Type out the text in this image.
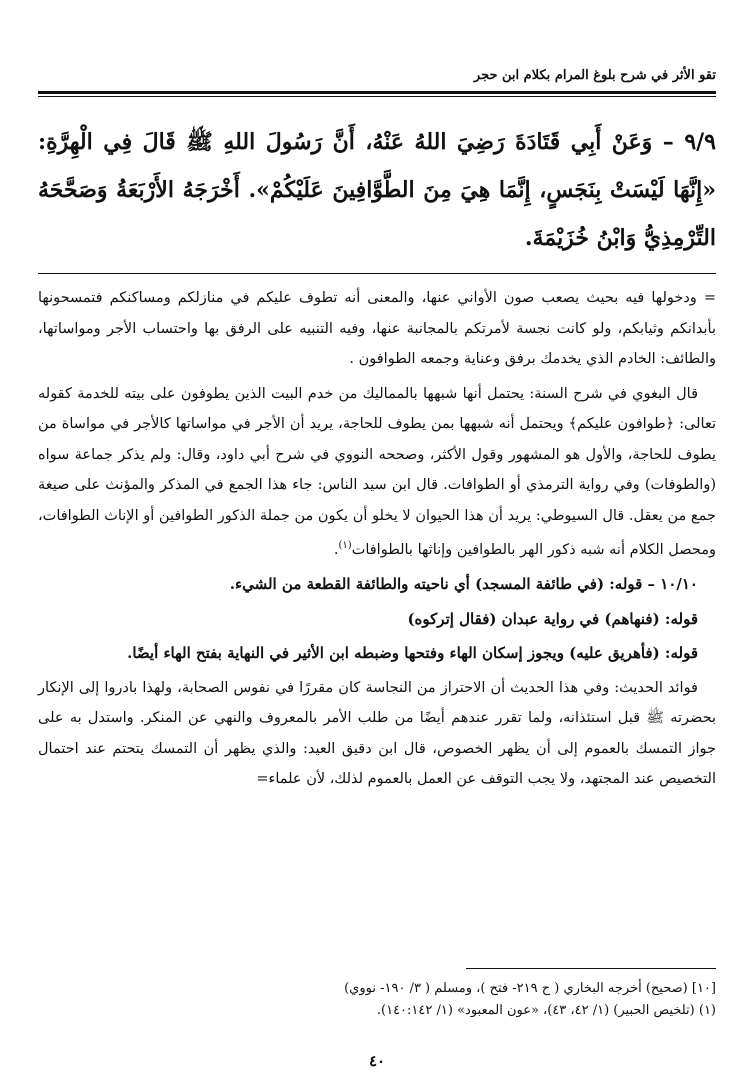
تقو الأثر في شرح بلوغ المرام بكلام ابن حجر
٩/٩ – وَعَنْ أَبِي قَتَادَةَ رَضِيَ اللهُ عَنْهُ، أَنَّ رَسُولَ اللهِ ﷺ قَالَ فِي الْهِرَّةِ: «إِنَّهَا لَيْسَتْ بِنَجَسٍ، إِنَّمَا هِيَ مِنَ الطَّوَّافِينَ عَلَيْكُمْ». أَخْرَجَهُ الأَرْبَعَةُ وَصَحَّحَهُ التِّرْمِذِيُّ وَابْنُ خُزَيْمَةَ.

= ودخولها فيه بحيث يصعب صون الأواني عنها، والمعنى أنه تطوف عليكم في منازلكم ومساكنكم فتمسحونها بأبدانكم وثيابكم، ولو كانت نجسة لأمرتكم بالمجانبة عنها، وفيه التنبيه على الرفق بها واحتساب الأجر ومواساتها، والطائف: الخادم الذي يخدمك برفق وعناية وجمعه الطوافون .

قال البغوي في شرح السنة: يحتمل أنها شبهها بالمماليك من خدم البيت الذين يطوفون على بيته للخدمة كقوله تعالى: ﴿طوافون عليكم﴾ ويحتمل أنه شبهها بمن يطوف للحاجة، يريد أن الأجر في مواساتها كالأجر في مواساة من يطوف للحاجة، والأول هو المشهور وقول الأكثر، وصححه النووي في شرح أبي داود، وقال: ولم يذكر جماعة سواه (والطوفات) وفي رواية الترمذي أو الطوافات. قال ابن سيد الناس: جاء هذا الجمع في المذكر والمؤنث على صيغة جمع من يعقل. قال السيوطي: يريد أن هذا الحيوان لا يخلو أن يكون من جملة الذكور الطوافين أو الإناث الطوافات، ومحصل الكلام أنه شبه ذكور الهر بالطوافين وإناثها بالطوافات$^{(١)}$.

١٠/١٠ – قوله: (في طائفة المسجد) أي ناحيته والطائفة القطعة من الشيء.

قوله: (فنهاهم) في رواية عبدان (فقال إتركوه)

قوله: (فأهريق عليه) ويجوز إسكان الهاء وفتحها وضبطه ابن الأثير في النهاية بفتح الهاء أيضًا.

فوائد الحديث: وفي هذا الحديث أن الاحتراز من النجاسة كان مقررًا في نفوس الصحابة، ولهذا بادروا إلى الإنكار بحضرته ﷺ قبل استئذانه، ولما تقرر عندهم أيضًا من طلب الأمر بالمعروف والنهي عن المنكر. واستدل به على جواز التمسك بالعموم إلى أن يظهر الخصوص، قال ابن دقيق العيد: والذي يظهر أن التمسك يتحتم عند احتمال التخصيص عند المجتهد، ولا يجب التوقف عن العمل بالعموم لذلك، لأن علماء=

[١٠] (صحيح) أخرجه البخاري ( ح ٢١٩- فتح )، ومسلم ( ٣/ ١٩٠- نووي)
(١) (تلخيص الحبير) (١/ ٤٢، ٤٣)، «عون المعبود» (١/ ١٤٠:١٤٢).
٤٠
